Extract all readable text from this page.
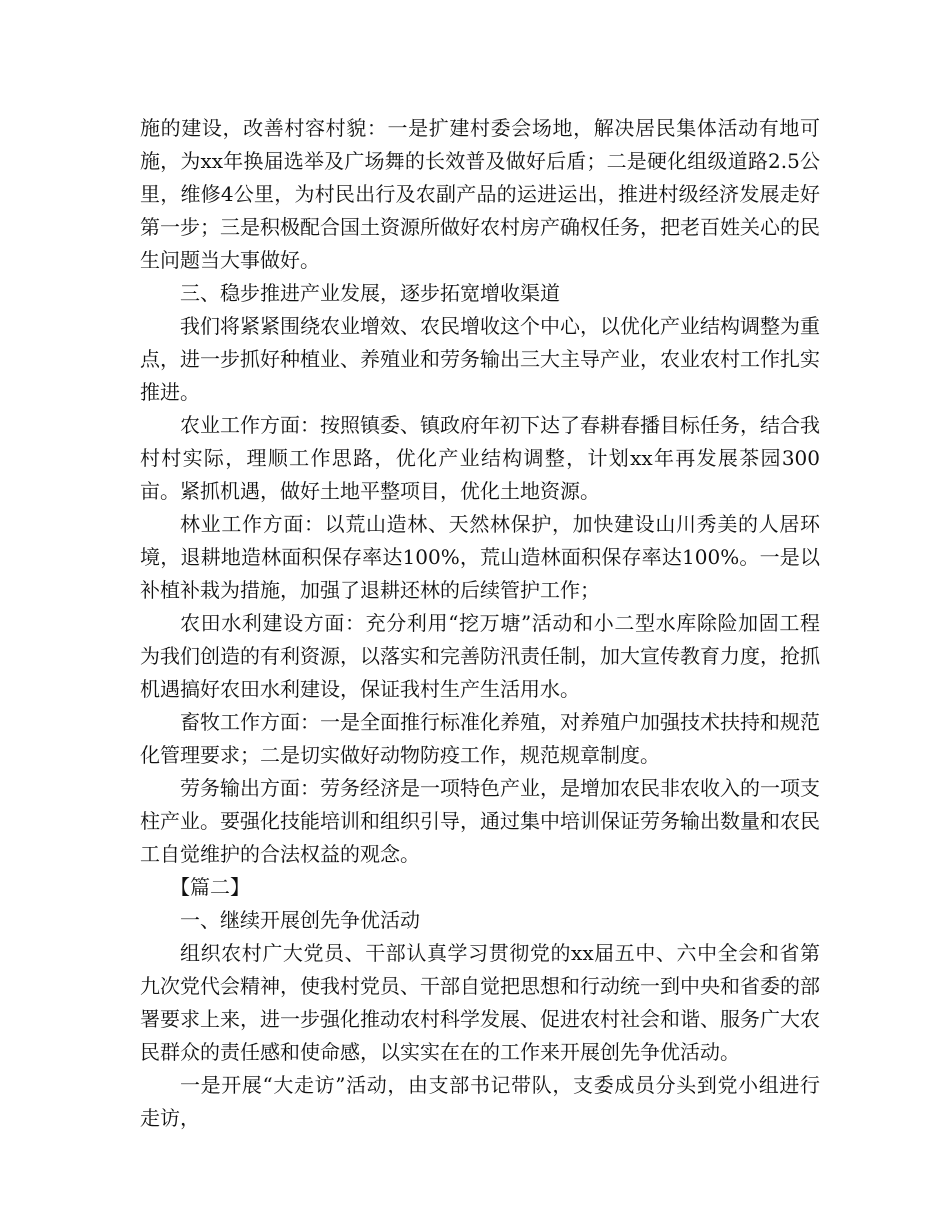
施的建设，改善村容村貌：一是扩建村委会场地，解决居民集体活动有地可施，为xx年换届选举及广场舞的长效普及做好后盾；二是硬化组级道路2.5公里，维修4公里，为村民出行及农副产品的运进运出，推进村级经济发展走好第一步；三是积极配合国土资源所做好农村房产确权任务，把老百姓关心的民生问题当大事做好。

三、稳步推进产业发展，逐步拓宽增收渠道

我们将紧紧围绕农业增效、农民增收这个中心，以优化产业结构调整为重点，进一步抓好种植业、养殖业和劳务输出三大主导产业，农业农村工作扎实推进。

农业工作方面：按照镇委、镇政府年初下达了春耕春播目标任务，结合我村村实际，理顺工作思路，优化产业结构调整，计划xx年再发展茶园300亩。紧抓机遇，做好土地平整项目，优化土地资源。

林业工作方面：以荒山造林、天然林保护，加快建设山川秀美的人居环境，退耕地造林面积保存率达100%，荒山造林面积保存率达100%。一是以补植补栽为措施，加强了退耕还林的后续管护工作；

农田水利建设方面：充分利用“挖万塘”活动和小二型水库除险加固工程为我们创造的有利资源，以落实和完善防汛责任制，加大宣传教育力度，抢抓机遇搞好农田水利建设，保证我村生产生活用水。

畜牧工作方面：一是全面推行标准化养殖，对养殖户加强技术扶持和规范化管理要求；二是切实做好动物防疫工作，规范规章制度。

劳务输出方面：劳务经济是一项特色产业，是增加农民非农收入的一项支柱产业。要强化技能培训和组织引导，通过集中培训保证劳务输出数量和农民工自觉维护的合法权益的观念。

【篇二】

一、继续开展创先争优活动

组织农村广大党员、干部认真学习贯彻党的xx届五中、六中全会和省第九次党代会精神，使我村党员、干部自觉把思想和行动统一到中央和省委的部署要求上来，进一步强化推动农村科学发展、促进农村社会和谐、服务广大农民群众的责任感和使命感，以实实在在的工作来开展创先争优活动。

一是开展“大走访”活动，由支部书记带队，支委成员分头到党小组进行走访，
